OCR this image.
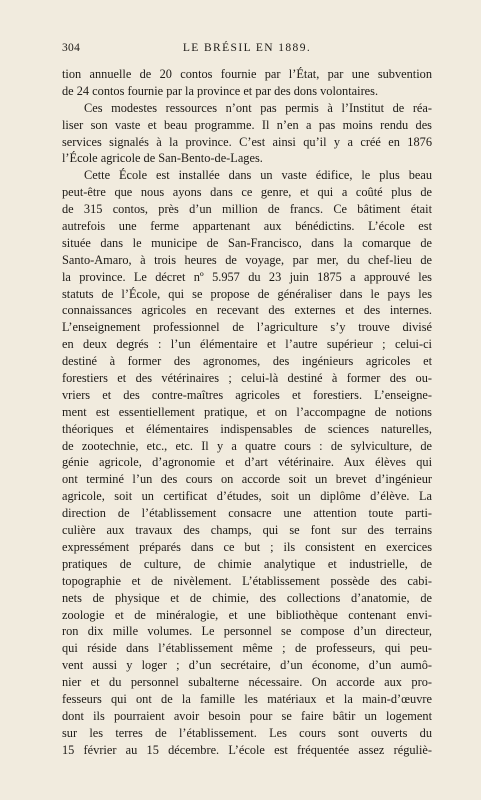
304	LE BRÉSIL EN 1889.
tion annuelle de 20 contos fournie par l’État, par une subvention
de 24 contos fournie par la province et par des dons volontaires.
Ces modestes ressources n’ont pas permis à l’Institut de réa-
liser son vaste et beau programme. Il n’en a pas moins rendu des
services signalés à la province. C’est ainsi qu’il y a créé en 1876
l’École agricole de San-Bento-de-Lages.
Cette École est installée dans un vaste édifice, le plus beau
peut-être que nous ayons dans ce genre, et qui a coûté plus de
de 315 contos, près d’un million de francs. Ce bâtiment était
autrefois une ferme appartenant aux bénédictins. L’école est
située dans le municipe de San-Francisco, dans la comarque de
Santo-Amaro, à trois heures de voyage, par mer, du chef-lieu de
la province. Le décret nº 5.957 du 23 juin 1875 a approuvé les
statuts de l’École, qui se propose de généraliser dans le pays les
connaissances agricoles en recevant des externes et des internes.
L’enseignement professionnel de l’agriculture s’y trouve divisé
en deux degrés : l’un élémentaire et l’autre supérieur ; celui-ci
destiné à former des agronomes, des ingénieurs agricoles et
forestiers et des vétérinaires ; celui-là destiné à former des ou-
vriers et des contre-maîtres agricoles et forestiers. L’enseigne-
ment est essentiellement pratique, et on l’accompagne de notions
théoriques et élémentaires indispensables de sciences naturelles,
de zootechnie, etc., etc. Il y a quatre cours : de sylviculture, de
génie agricole, d’agronomie et d’art vétérinaire. Aux élèves qui
ont terminé l’un des cours on accorde soit un brevet d’ingénieur
agricole, soit un certificat d’études, soit un diplôme d’élève. La
direction de l’établissement consacre une attention toute parti-
culière aux travaux des champs, qui se font sur des terrains
expressément préparés dans ce but ; ils consistent en exercices
pratiques de culture, de chimie analytique et industrielle, de
topographie et de nivèlement. L’établissement possède des cabi-
nets de physique et de chimie, des collections d’anatomie, de
zoologie et de minéralogie, et une bibliothèque contenant envi-
ron dix mille volumes. Le personnel se compose d’un directeur,
qui réside dans l’établissement même ; de professeurs, qui peu-
vent aussi y loger ; d’un secrétaire, d’un économe, d’un aumô-
nier et du personnel subalterne nécessaire. On accorde aux pro-
fesseurs qui ont de la famille les matériaux et la main-d’œuvre
dont ils pourraient avoir besoin pour se faire bâtir un logement
sur les terres de l’établissement. Les cours sont ouverts du
15 février au 15 décembre. L’école est fréquentée assez réguliè-
